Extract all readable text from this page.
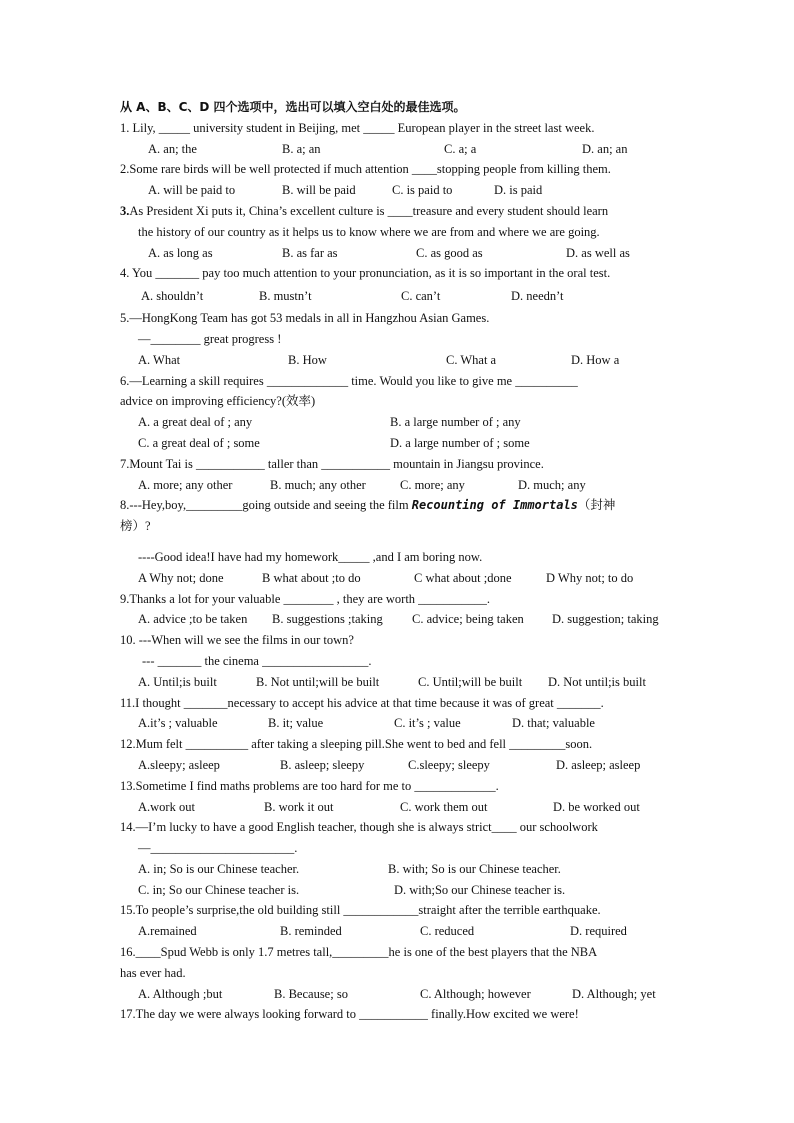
从 A、B、C、D 四个选项中，选出可以填入空白处的最佳选项。
1. Lily, _____ university student in Beijing, met _____ European player in the street last week.
A. an; the	B. a; an	C. a; a	D. an; an
2.Some rare birds will be well protected if much attention ____stopping people from killing them.
A. will be paid to	B. will be paid	C. is paid to	D. is paid
3.As President Xi puts it, China’s excellent culture is ____treasure and every student should learn
the history of our country as it helps us to know where we are from and where we are going.
A. as long as	B. as far as	C. as good as	D. as well as
4. You _______ pay too much attention to your pronunciation, as it is so important in the oral test.
A. shouldn’t	B. mustn’t	C. can’t	D. needn’t
5.—HongKong Team has got 53 medals in all in Hangzhou Asian Games.
—________ great progress !
A. What	B. How	C. What a	D. How a
6.—Learning a skill requires _____________ time. Would you like to give me __________
advice on improving efficiency?(效率)
A. a great deal of ; any	B. a large number of ; any
C. a great deal of ; some	D. a large number of ; some
7.Mount Tai is ___________ taller than ___________ mountain in Jiangsu province.
A. more; any other	B. much; any other	C. more; any	D. much; any
8.---Hey,boy,_________going outside and seeing the film Recounting of Immortals（封神
榜）?
----Good idea!I have had my homework_____ ,and I am boring now.
A Why not; done	B what about ;to do	C what about ;done	D Why not; to do
9.Thanks a lot for your valuable ________ , they are worth ___________.
A. advice ;to be taken	B. suggestions ;taking	C. advice; being taken	D. suggestion; taking
10. ---When will we see the films in our town?
--- _______ the cinema _________________.
A. Until;is built	B. Not until;will be built	C. Until;will be built	D. Not until;is built
11.I thought _______necessary to accept his advice at that time because it was of great _______.
A.it’s ; valuable	B. it; value	C. it’s ; value	D. that; valuable
12.Mum felt __________ after taking a sleeping pill.She went to bed and fell _________soon.
A.sleepy; asleep	B. asleep; sleepy	C.sleepy; sleepy	D. asleep; asleep
13.Sometime I find maths problems are too hard for me to _____________.
A.work out	B. work it out	C. work them out	D. be worked out
14.—I’m lucky to have a good English teacher, though she is always strict____ our schoolwork
—_______________________.
A. in; So is our Chinese teacher.	B. with; So is our Chinese teacher.
C. in; So our Chinese teacher is.	D. with;So our Chinese teacher is.
15.To people’s surprise,the old building still ____________straight after the terrible earthquake.
A.remained	B. reminded	C. reduced	D. required
16.____Spud Webb is only 1.7 metres tall,_________he is one of the best players that the NBA
has ever had.
A. Although ;but	B. Because; so	C. Although; however	D. Although; yet
17.The day we were always looking forward to ___________ finally.How excited we were!
